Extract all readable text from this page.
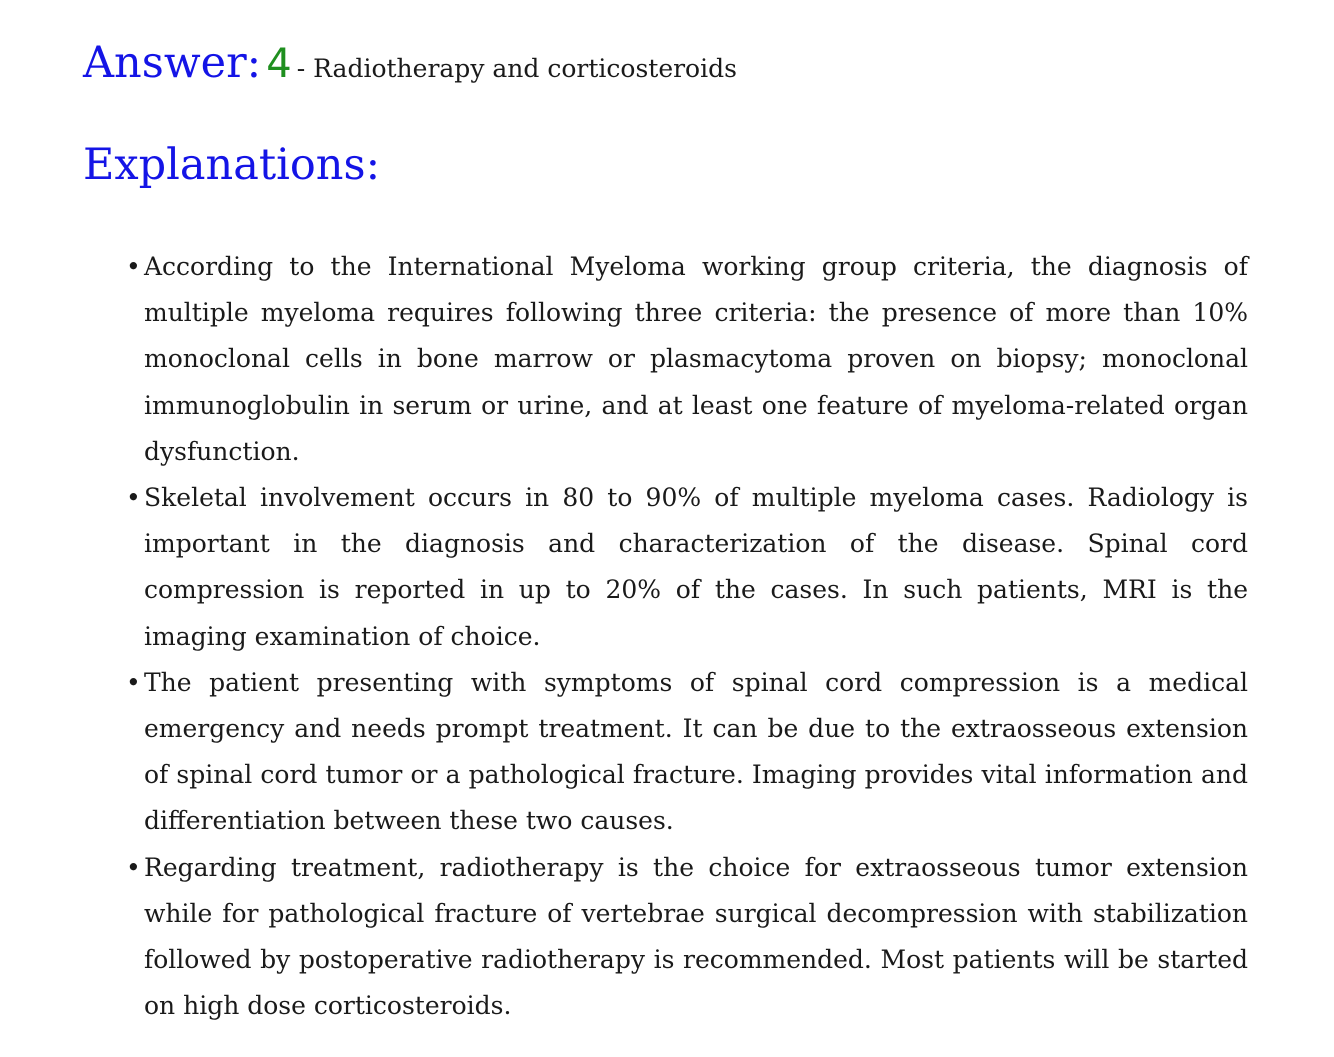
Answer: 4 - Radiotherapy and corticosteroids
Explanations:
• According to the International Myeloma working group criteria, the diagnosis of multiple myeloma requires following three criteria: the presence of more than 10% monoclonal cells in bone marrow or plasmacytoma proven on biopsy; monoclonal immunoglobulin in serum or urine, and at least one feature of myeloma-related organ dysfunction.
• Skeletal involvement occurs in 80 to 90% of multiple myeloma cases. Radiology is important in the diagnosis and characterization of the disease. Spinal cord compression is reported in up to 20% of the cases. In such patients, MRI is the imaging examination of choice.
• The patient presenting with symptoms of spinal cord compression is a medical emergency and needs prompt treatment. It can be due to the extraosseous extension of spinal cord tumor or a pathological fracture. Imaging provides vital information and differentiation between these two causes.
• Regarding treatment, radiotherapy is the choice for extraosseous tumor extension while for pathological fracture of vertebrae surgical decompression with stabilization followed by postoperative radiotherapy is recommended. Most patients will be started on high dose corticosteroids.
